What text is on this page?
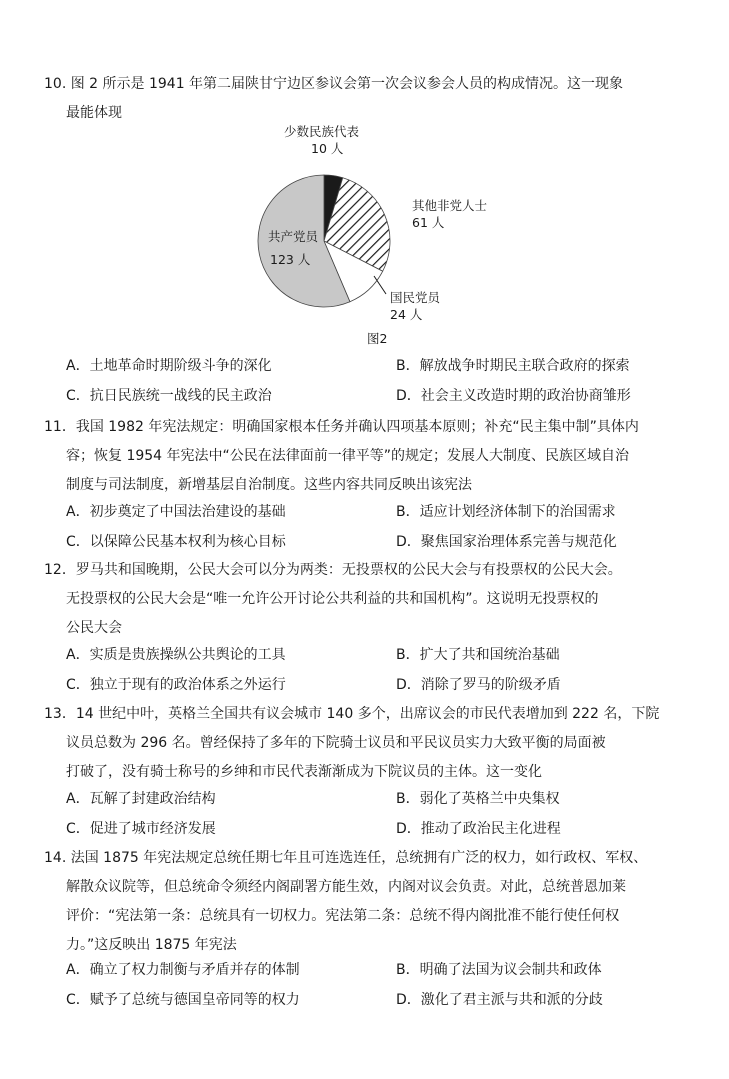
10. 图 2 所示是 1941 年第二届陕甘宁边区参议会第一次会议参会人员的构成情况。这一现象
最能体现

少数民族代表
10 人
其他非党人士
61 人
国民党员
24 人
共产党员
123 人
图2
A．土地革命时期阶级斗争的深化	B．解放战争时期民主联合政府的探索
C．抗日民族统一战线的民主政治	D．社会主义改造时期的政治协商雏形

11．我国 1982 年宪法规定：明确国家根本任务并确认四项基本原则；补充“民主集中制”具体内
容；恢复 1954 年宪法中“公民在法律面前一律平等”的规定；发展人大制度、民族区域自治
制度与司法制度，新增基层自治制度。这些内容共同反映出该宪法

A．初步奠定了中国法治建设的基础	B．适应计划经济体制下的治国需求
C．以保障公民基本权利为核心目标	D．聚焦国家治理体系完善与规范化

12．罗马共和国晚期，公民大会可以分为两类：无投票权的公民大会与有投票权的公民大会。
无投票权的公民大会是“唯一允许公开讨论公共利益的共和国机构”。这说明无投票权的
公民大会

A．实质是贵族操纵公共舆论的工具	B．扩大了共和国统治基础
C．独立于现有的政治体系之外运行	D．消除了罗马的阶级矛盾

13．14 世纪中叶，英格兰全国共有议会城市 140 多个，出席议会的市民代表增加到 222 名，下院
议员总数为 296 名。曾经保持了多年的下院骑士议员和平民议员实力大致平衡的局面被
打破了，没有骑士称号的乡绅和市民代表渐渐成为下院议员的主体。这一变化

A．瓦解了封建政治结构	B．弱化了英格兰中央集权
C．促进了城市经济发展	D．推动了政治民主化进程

14. 法国 1875 年宪法规定总统任期七年且可连选连任，总统拥有广泛的权力，如行政权、军权、
解散众议院等，但总统命令须经内阁副署方能生效，内阁对议会负责。对此，总统普恩加莱
评价：“宪法第一条：总统具有一切权力。宪法第二条：总统不得内阁批准不能行使任何权
力。”这反映出 1875 年宪法

A．确立了权力制衡与矛盾并存的体制	B．明确了法国为议会制共和政体
C．赋予了总统与德国皇帝同等的权力	D．激化了君主派与共和派的分歧
